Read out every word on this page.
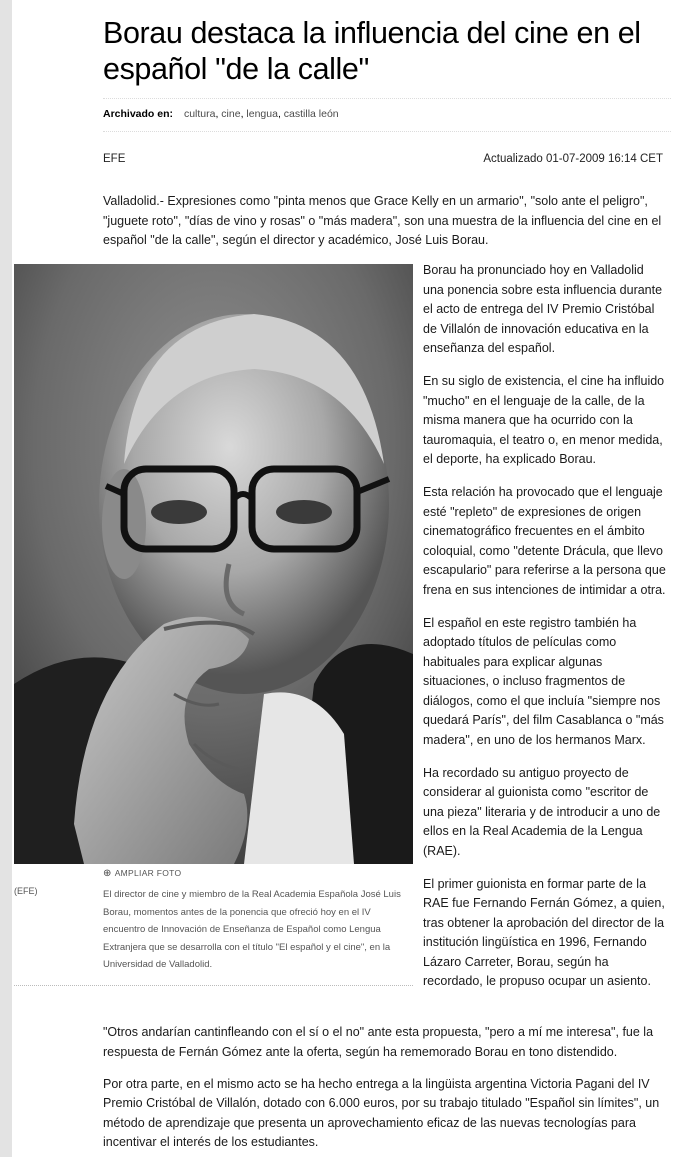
Borau destaca la influencia del cine en el español "de la calle"
Archivado en: cultura, cine, lengua, castilla león
EFE	Actualizado 01-07-2009 16:14 CET

Valladolid.- Expresiones como "pinta menos que Grace Kelly en un armario", "solo ante el peligro", "juguete roto", "días de vino y rosas" o "más madera", son una muestra de la influencia del cine en el español "de la calle", según el director y académico, José Luis Borau.

⊕ AMPLIAR FOTO
(EFE)	El director de cine y miembro de la Real Academia Española José Luis Borau, momentos antes de la ponencia que ofreció hoy en el IV encuentro de Innovación de Enseñanza de Español como Lengua Extranjera que se desarrolla con el título "El español y el cine", en la Universidad de Valladolid.

Borau ha pronunciado hoy en Valladolid una ponencia sobre esta influencia durante el acto de entrega del IV Premio Cristóbal de Villalón de innovación educativa en la enseñanza del español.

En su siglo de existencia, el cine ha influido "mucho" en el lenguaje de la calle, de la misma manera que ha ocurrido con la tauromaquia, el teatro o, en menor medida, el deporte, ha explicado Borau.

Esta relación ha provocado que el lenguaje esté "repleto" de expresiones de origen cinematográfico frecuentes en el ámbito coloquial, como "detente Drácula, que llevo escapulario" para referirse a la persona que frena en sus intenciones de intimidar a otra.

El español en este registro también ha adoptado títulos de películas como habituales para explicar algunas situaciones, o incluso fragmentos de diálogos, como el que incluía "siempre nos quedará París", del film Casablanca o "más madera", en uno de los hermanos Marx.

Ha recordado su antiguo proyecto de considerar al guionista como "escritor de una pieza" literaria y de introducir a uno de ellos en la Real Academia de la Lengua (RAE).

El primer guionista en formar parte de la RAE fue Fernando Fernán Gómez, a quien, tras obtener la aprobación del director de la institución lingüística en 1996, Fernando Lázaro Carreter, Borau, según ha recordado, le propuso ocupar un asiento.

"Otros andarían cantinfleando con el sí o el no" ante esta propuesta, "pero a mí me interesa", fue la respuesta de Fernán Gómez ante la oferta, según ha rememorado Borau en tono distendido.

Por otra parte, en el mismo acto se ha hecho entrega a la lingüista argentina Victoria Pagani del IV Premio Cristóbal de Villalón, dotado con 6.000 euros, por su trabajo titulado "Español sin límites", un método de aprendizaje que presenta un aprovechamiento eficaz de las nuevas tecnologías para incentivar el interés de los estudiantes.
